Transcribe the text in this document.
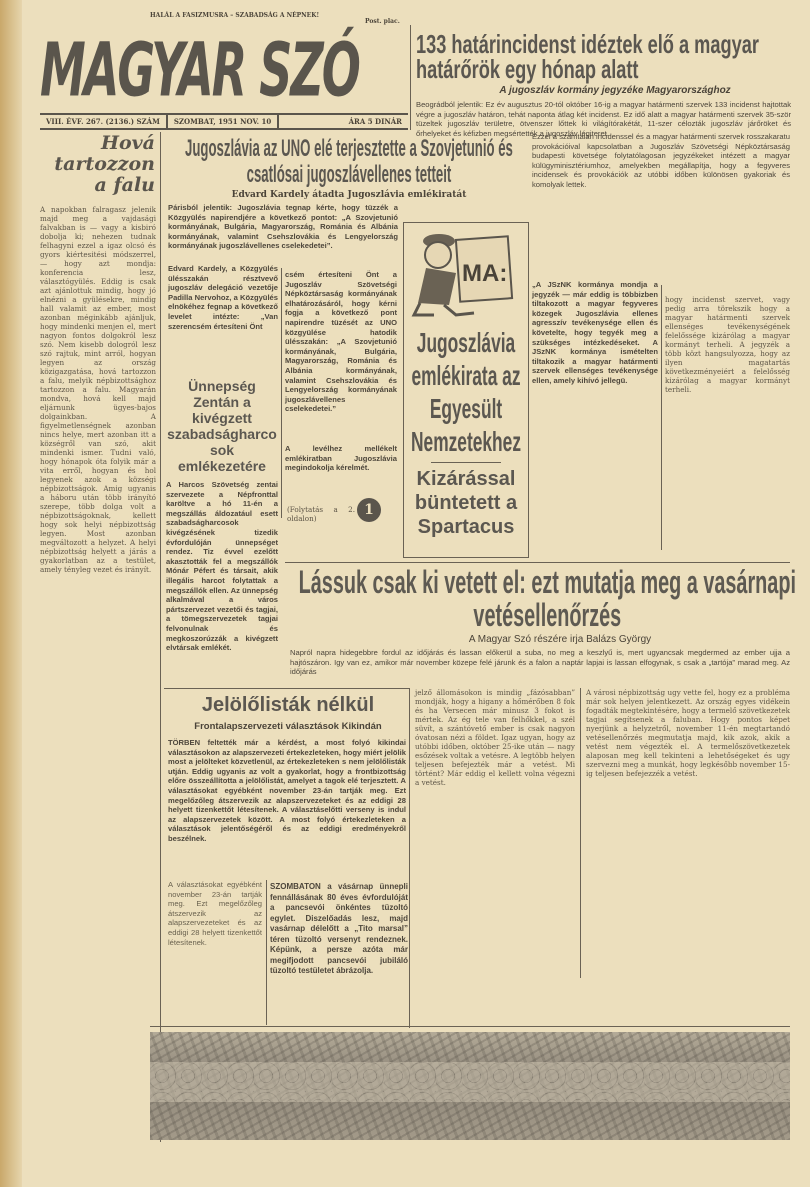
HALÁL A FASIZMUSRA – SZABADSÁG A NÉPNEK!
Post. plac.
MAGYAR SZÓ
VIII. ÉVF. 267. (2136.) SZÁM	SZOMBAT, 1951 NOV. 10	ÁRA 5 DINÁR
133 határincidenst idéztek elő a magyar határőrök egy hónap alatt
A jugoszláv kormány jegyzéke Magyarországhoz
Beográdból jelentik: Ez év augusztus 20-tól október 16-ig a magyar határmenti szervek 133 incidenst hajtottak végre a jugoszláv határon, tehát naponta átlag két incidenst. Ez idő alatt a magyar határmenti szervek 35-ször tüzeltek jugoszláv területre, ötvenszer lőttek ki világítórakétát, 11-szer célozták jugoszláv járőröket és őrhelyeket és kéfizben megsértették a jugoszláv légiteret.
Ezzel a számtalan incidenssel és a magyar határmenti szervek rosszakaratu provokációival kapcsolatban a Jugoszláv Szövetségi Népköztársaság budapesti követsége folytatólagosan jegyzékeket intézett a magyar külügyminisztériumhoz, amelyekben megállapítja, hogy a fegyveres incidensek és provokációk az utóbbi időben különösen gyakoriak és komolyak lettek.
„A JSzNK kormánya mondja a jegyzék — már eddig is többizben tiltakozott a magyar fegyveres közegek Jugoszlávia ellenes agresszív tevékenysége ellen és követelte, hogy tegyék meg a szükséges intézkedéseket. A JSzNK kormánya ismételten tiltakozik a magyar határmenti szervek ellenséges tevékenysége ellen, amely kihívó jellegü.
hogy incidenst szervet, vagy pedig arra törekszik hogy a magyar határmenti szervek ellenséges tevékenységének felelőssége kizárólag a magyar kormányt terheli. A jegyzék a több közt hangsulyozza, hogy az ilyen magatartás következményeiért a felelősség kizárólag a magyar kormányt terheli.
Hová tartozzon a falu
A napokban falragasz jelenik majd meg a vajdasági falvakban is — vagy a kisbiró dobolja ki; nehezen tudnak felhagyni ezzel a igaz olcsó és gyors kiértesitési módszerrel, — hogy azt mondja: konferencia lesz, választógyülés. Eddig is csak azt ajánlottuk mindig, hogy jó elnézni a gyülésekre, mindig hall valamit az ember, most azonban méginkább ajánljuk, hogy mindenki menjen el, mert nagyon fontos dolgokról lesz szó. Nem kisebb dologról lesz szó rajtuk, mint arról, hogyan legyen az ország közigazgatása, hová tartozzon a falu, melyik népbizottsághoz tartozzon a falu. Magyarán mondva, hová kell majd eljárnunk ügyes-bajos dolgainkban. A figyelmetlenségnek azonban nincs helye, mert azonban itt a községről van szó, akit mindenki ismer. Tudni való, hogy hónapok óta folyik már a vita erről, hogyan és hol legyenek azok a községi népbizottságok. Amig ugyanis a háboru után több irányító szerepe, több dolga volt a népbizottságoknak, kellett hogy sok helyi népbizottság legyen. Most azonban megváltozott a helyzet. A helyi népbizottság helyett a járás a gyakorlatban az a testület, amely tényleg vezet és irányít.
Jugoszlávia az UNO elé terjesztette a Szovjetunió és csatlósai jugoszlávellenes tetteit
Edvard Kardely átadta Jugoszlávia emlékiratát
Párisból jelentik: Jugoszlávia tegnap kérte, hogy tüzzék a Közgyülés napirendjére a következő pontot: „A Szovjetunió kormányának, Bulgária, Magyarország, Románia és Albánia kormányának, valamint Csehszlovákia és Lengyelország kormányának jugoszlávellenes cselekedetei”.
Edvard Kardely, a Közgyülés ülésszakán résztvevő jugoszláv delegáció vezetője Padilla Nervohoz, a Közgyülés elnökéhez fegnap a következő levelet intézte: „Van szerencsém értesíteni Önt
csém értesíteni Önt a Jugoszláv Szövetségi Népköztársaság kormányának elhatározásáról, hogy kérni fogja a következő pont napirendre tüzését az UNO közgyülése hatodik ülésszakán: „A Szovjetunió kormányának, Bulgária, Magyarország, Románia és Albánia kormányának, valamint Csehszlovákia és Lengyelország kormányának jugoszlávellenes cselekedetei.”
A levélhez mellékelt emlékiratban Jugoszlávia megindokolja kérelmét.
(Folytatás a 2. oldalon)
1
Ünnepség Zentán a kivégzett szabadságharcosok emlékezetére
A Harcos Szövetség zentai szervezete a Népfronttal karöltve a hó 11-én a megszállás áldozatául esett szabadságharcosok kivégzésének tizedik évfordulóján ünnepséget rendez. Tiz évvel ezelőtt akasztották fel a megszállók Mónár Péfert és társait, akik illegális harcot folytattak a megszállók ellen. Az ünnepség alkalmával a város pártszervezet vezetői és tagjai, a tömegszervezetek tagjai felvonulnak és megkoszorúzzák a kivégzett elvtársak emlékét.
MA:
Jugoszlávia emlékirata az Egyesült Nemzetekhez
Kizárással büntetett a Spartacus
Lássuk csak ki vetett el: ezt mutatja meg a vasárnapi vetésellenőrzés
A Magyar Szó részére irja Balázs György
Napról napra hidegebbre fordul az időjárás és lassan előkerül a suba, no meg a keszlyű is, mert ugyancsak megdermed az ember ujja a hajtószáron. Igy van ez, amikor már november közepe felé járunk és a falon a naptár lapjai is lassan elfogynak, s csak a „tartója” marad meg. Az időjárás
jelző állomásokon is mindig „fázósabban” mondják, hogy a higany a hőmérőben 8 fok és ha Versecen már minusz 3 fokot is mértek. Az ég tele van felhőkkel, a szél süvít, a szántóvető ember is csak nagyon óvatosan nézi a földet. Igaz ugyan, hogy az utóbbi időben, október 25-ike után — nagy esőzések voltak a vetésre. A legtöbb helyen teljesen befejezték már a vetést. Mi történt? Már eddig el kellett volna végezni a vetést.
A városi népbizottság ugy vette fel, hogy ez a probléma már sok helyen jelentkezett. Az ország egyes vidékein fogadták megtekintésére, hogy a termelő szövetkezetek tagjai segítsenek a faluban. Hogy pontos képet nyerjünk a helyzetről, november 11-én megtartandó vetésellenőrzés megmutatja majd, kik azok, akik a vetést nem végezték el. A termelőszövetkezetek alaposan meg kell tekinteni a lehetőségeket és ugy szervezni meg a munkát, hogy legkésőbb november 15-ig teljesen befejezzék a vetést.
Jelölőlisták nélkül
Frontalapszervezeti választások Kikindán
TÖRBEN feltették már a kérdést, a most folyó kikindai választásokon az alapszervezeti értekezleteken, hogy miért jelölik most a jelölteket közvetlenül, az értekezleteken s nem jelölőlisták utján. Eddig ugyanis az volt a gyakorlat, hogy a frontbizottság előre összeállította a jelölőlistát, amelyet a tagok elé terjesztett. A választásokat egyébként november 23-án tartják meg. Ezt megelőzőleg átszervezik az alapszervezeteket és az eddigi 28 helyett tizenkettőt létesítenek. A választáselőtti verseny is indul az alapszervezetek között. A most folyó értekezleteken a választások jelentőségéről és az eddigi eredményekről beszélnek.
A választásokat egyébként november 23-án tartják meg. Ezt megelőzőleg átszervezik az alapszervezeteket és az eddigi 28 helyett tizenkettőt létesítenek.
SZOMBATON a vásárnap ünnepli fennállásának 80 éves évfordulóját a pancsevói önkéntes tüzoltó egylet. Diszelőadás lesz, majd vasárnap délelőtt a „Tito marsal” téren tüzoltó versenyt rendeznek. Képünk, a persze azóta már megifjodott pancsevói jubiláló tüzoltó testületet ábrázolja.
